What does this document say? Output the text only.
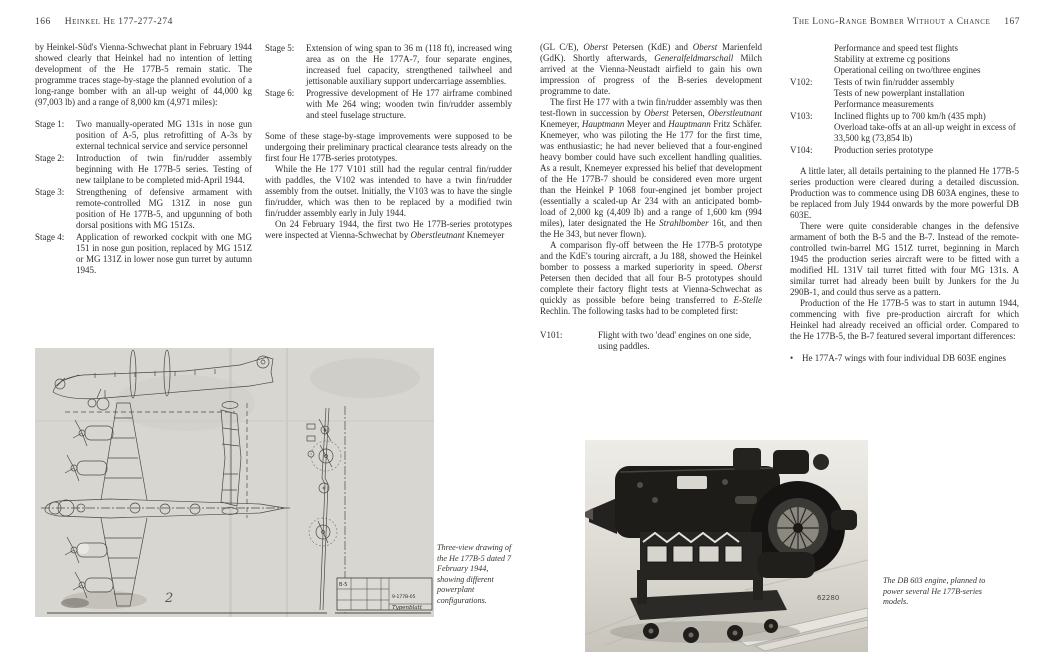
166 Heinkel He 177-277-274

by Heinkel-Süd's Vienna-Schwechat plant in February 1944 showed clearly that Heinkel had no intention of letting development of the He 177B-5 remain static. The programme traces stage-by-stage the planned evolution of a long-range bomber with an all-up weight of 44,000 kg (97,003 lb) and a range of 8,000 km (4,971 miles):

Stage 1:	Two manually-operated MG 131s in nose gun position of A-5, plus retrofitting of A-3s by external technical service and service personnel
Stage 2:	Introduction of twin fin/rudder assembly beginning with He 177B-5 series. Testing of new tailplane to be completed mid-April 1944.
Stage 3:	Strengthening of defensive armament with remote-controlled MG 131Z in nose gun position of He 177B-5, and upgunning of both dorsal positions with MG 151Zs.
Stage 4:	Application of reworked cockpit with one MG 151 in nose gun position, replaced by MG 151Z or MG 131Z in lower nose gun turret by autumn 1945.
Stage 5:	Extension of wing span to 36 m (118 ft), increased wing area as on the He 177A-7, four separate engines, increased fuel capacity, strengthened tailwheel and jettisonable auxiliary support undercarriage assemblies.
Stage 6:	Progressive development of He 177 airframe combined with Me 264 wing; wooden twin fin/rudder assembly and steel fuselage structure.

Some of these stage-by-stage improvements were supposed to be undergoing their preliminary practical clearance tests already on the first four He 177B-series prototypes.

While the He 177 V101 still had the regular central fin/rudder with paddles, the V102 was intended to have a twin fin/rudder assembly from the outset. Initially, the V103 was to have the single fin/rudder, which was then to be replaced by a modified twin fin/rudder assembly early in July 1944.

On 24 February 1944, the first two He 177B-series prototypes were inspected at Vienna-Schwechat by Oberstleutnant Knemeyer

2
B-5
9-177B-05
Typenblatt
Three-view drawing of the He 177B-5 dated 7 February 1944, showing different powerplant configurations.
The Long-Range Bomber Without a Chance 167

(GL C/E), Oberst Petersen (KdE) and Oberst Marienfeld (GdK). Shortly afterwards, Generalfeldmarschall Milch arrived at the Vienna-Neustadt airfield to gain his own impression of progress of the B-series development programme to date.

The first He 177 with a twin fin/rudder assembly was then test-flown in succession by Oberst Petersen, Oberstleutnant Knemeyer, Hauptmann Meyer and Hauptmann Fritz Schäfer. Knemeyer, who was piloting the He 177 for the first time, was enthusiastic; he had never believed that a four-engined heavy bomber could have such excellent handling qualities. As a result, Knemeyer expressed his belief that development of the He 177B-7 should be considered even more urgent than the Heinkel P 1068 four-engined jet bomber project (essentially a scaled-up Ar 234 with an anticipated bomb-load of 2,000 kg (4,409 lb) and a range of 1,600 km (994 miles), later designated the He Strahlbomber 16t, and then the He 343, but never flown).

A comparison fly-off between the He 177B-5 prototype and the KdE's touring aircraft, a Ju 188, showed the Heinkel bomber to possess a marked superiority in speed. Oberst Petersen then decided that all four B-5 prototypes should complete their factory flight tests at Vienna-Schwechat as quickly as possible before being transferred to E-Stelle Rechlin. The following tasks had to be completed first:

V101:	Flight with two 'dead' engines on one side, using paddles.
Performance and speed test flights
Stability at extreme cg positions
Operational ceiling on two/three engines
V102:	Tests of twin fin/rudder assembly
Tests of new powerplant installation
Performance measurements
V103:	Inclined flights up to 700 km/h (435 mph)
Overload take-offs at an all-up weight in excess of 33,500 kg (73,854 lb)
V104:	Production series prototype

A little later, all details pertaining to the planned He 177B-5 series production were cleared during a detailed discussion. Production was to commence using DB 603A engines, these to be replaced from July 1944 onwards by the more powerful DB 603E.

There were quite considerable changes in the defensive armament of both the B-5 and the B-7. Instead of the remote-controlled twin-barrel MG 151Z turret, beginning in March 1945 the production series aircraft were to be fitted with a modified HL 131V tail turret fitted with four MG 131s. A similar turret had already been built by Junkers for the Ju 290B-1, and could thus serve as a pattern.

Production of the He 177B-5 was to start in autumn 1944, commencing with five pre-production aircraft for which Heinkel had already received an official order. Compared to the He 177B-5, the B-7 featured several important differences:

• He 177A-7 wings with four individual DB 603E engines
62280
The DB 603 engine, planned to power several He 177B-series models.
